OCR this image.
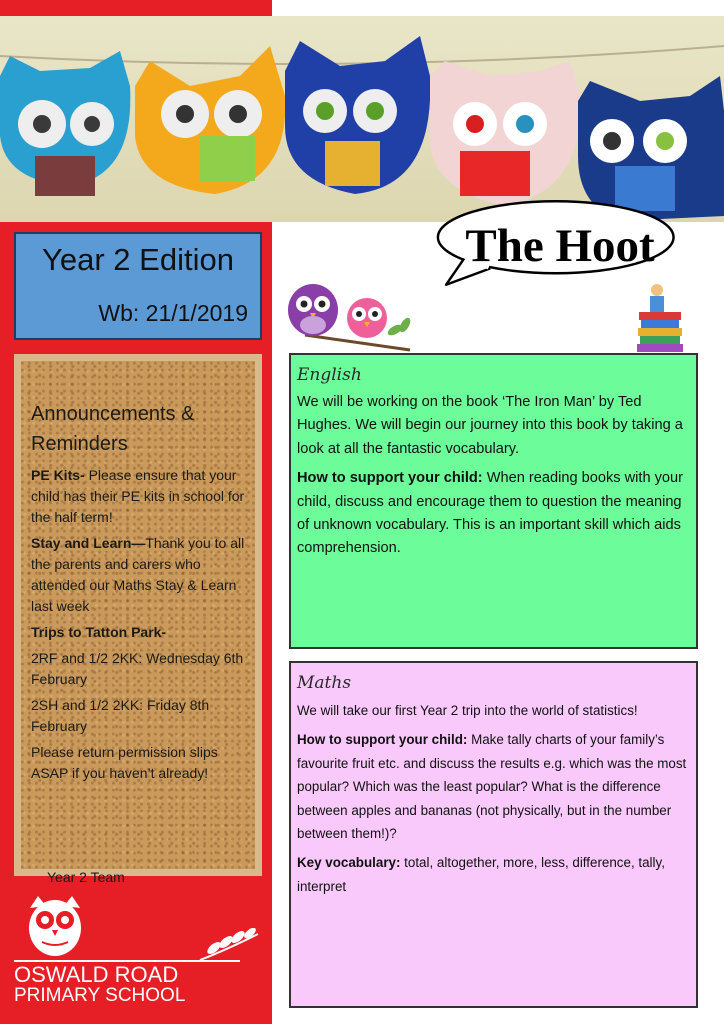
Year 2 Edition
Wb: 21/1/2019
Announcements & Reminders

PE Kits- Please ensure that your child has their PE kits in school for the half term!

Stay and Learn—Thank you to all the parents and carers who attended our Maths Stay & Learn last week

Trips to Tatton Park-

2RF and 1/2 2KK: Wednesday 6th February

2SH and 1/2 2KK: Friday 8th February

Please return permission slips ASAP if you haven’t already!

Year 2 Team
The Hoot
English

We will be working on the book ‘The Iron Man’ by Ted Hughes. We will begin our journey into this book by taking a look at all the fantastic vocabulary.

How to support your child: When reading books with your child, discuss and encourage them to question the meaning of unknown vocabulary. This is an important skill which aids comprehension.

Maths

We will take our first Year 2 trip into the world of statistics!

How to support your child: Make tally charts of your family’s favourite fruit etc. and discuss the results e.g. which was the most popular? Which was the least popular? What is the difference between apples and bananas (not physically, but in the number between them!)?

Key vocabulary: total, altogether, more, less, difference, tally, interpret

OSWALD ROAD
PRIMARY SCHOOL
